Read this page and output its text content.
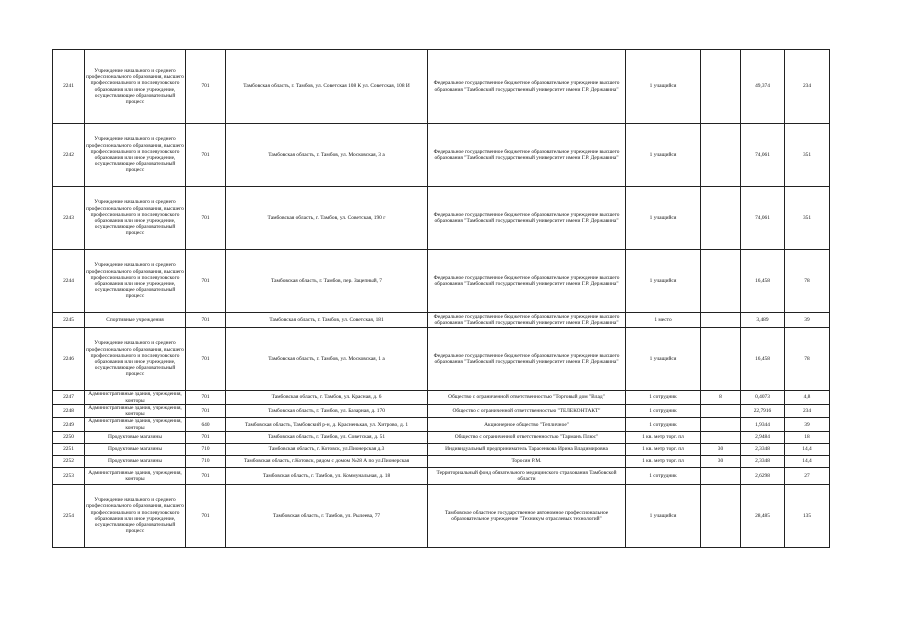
2241	Учреждение начального и среднего профессионального образования, высшего профессионального и послевузовского образования или иное учреждение, осуществляющее образовательный процесс	701	Тамбовская область, г. Тамбов, ул. Советская 108 К ул. Советская, 108 И	Федеральное государственное бюджетное образовательное учреждение высшего образования "Тамбовский государственный университет имени Г.Р. Державина"	1 учащийся		49,374	234
2242	Учреждение начального и среднего профессионального образования, высшего профессионального и послевузовского образования или иное учреждение, осуществляющее образовательный процесс	701	Тамбовская область, г. Тамбов, ул. Московская, 3 а	Федеральное государственное бюджетное образовательное учреждение высшего образования "Тамбовский государственный университет имени Г.Р. Державина"	1 учащийся		74,061	351
2243	Учреждение начального и среднего профессионального образования, высшего профессионального и послевузовского образования или иное учреждение, осуществляющее образовательный процесс	701	Тамбовская область, г. Тамбов, ул. Советская, 190 г	Федеральное государственное бюджетное образовательное учреждение высшего образования "Тамбовский государственный университет имени Г.Р. Державина"	1 учащийся		74,061	351
2244	Учреждение начального и среднего профессионального образования, высшего профессионального и послевузовского образования или иное учреждение, осуществляющее образовательный процесс	701	Тамбовская область, г. Тамбов, пер. Зацепный, 7	Федеральное государственное бюджетное образовательное учреждение высшего образования "Тамбовский государственный университет имени Г.Р. Державина"	1 учащийся		16,458	78
2245	Спортивные учреждения	701	Тамбовская область, г. Тамбов, ул. Советская, 181	Федеральное государственное бюджетное образовательное учреждение высшего образования "Тамбовский государственный университет имени Г.Р. Державина"	1 место		3,489	39
2246	Учреждение начального и среднего профессионального образования, высшего профессионального и послевузовского образования или иное учреждение, осуществляющее образовательный процесс	701	Тамбовская область, г. Тамбов, ул. Московская, 1 а	Федеральное государственное бюджетное образовательное учреждение высшего образования "Тамбовский государственный университет имени Г.Р. Державина"	1 учащийся		16,458	78
2247	Административные здания, учреждения, конторы	701	Тамбовская область, г. Тамбов, ул. Красная, д. 6	Общество с ограниченной ответственностью "Торговый дом "Влад"	1 сотрудник	8	0,4073	4,8
2248	Административные здания, учреждения, конторы	701	Тамбовская область, г. Тамбов, ул. Базарная, д. 170	Общество с ограниченной ответственностью "ТЕЛЕКОНТАКТ"	1 сотрудник		22,7916	234
2249	Административные здания, учреждения, конторы	640	Тамбовская область, Тамбовский р-н, д. Красненькая, ул. Хитрово, д. 1	Акционерное общество "Тепличное"	1 сотрудник		1,9344	39
2250	Продуктовые магазины	701	Тамбовская область, г. Тамбов, ул. Советская, д. 51	Общество с ограниченной ответственностью "Тарманъ Плюс"	1 кв. метр торг. пл		2,9484	18
2251	Продуктовые магазины	710	Тамбовская область, г. Котовск, ул.Пионерская д.3	Индивидуальный предприниматель Тарасенкова Ирина Владимировна	1 кв. метр торг. пл	30	2,3348	14,4
2252	Продуктовые магазины	710	Тамбовская область, г.Котовск, рядом с домом №28 А по ул.Пионерская	Торосян Р.М.	1 кв. метр торг. пл	30	2,3348	14,4
2253	Административные здания, учреждения, конторы	701	Тамбовская область, г. Тамбов, ул. Коммунальная, д. 18	Территориальный фонд обязательного медицинского страхования Тамбовской области	1 сотрудник		2,6298	27
2254	Учреждение начального и среднего профессионального образования, высшего профессионального и послевузовского образования или иное учреждение, осуществляющее образовательный процесс	701	Тамбовская область, г. Тамбов, ул. Рылеева, 77	Тамбовское областное государственное автономное профессиональное образовательное учреждение "Техникум отраслевых технологий"	1 учащийся		28,485	135
